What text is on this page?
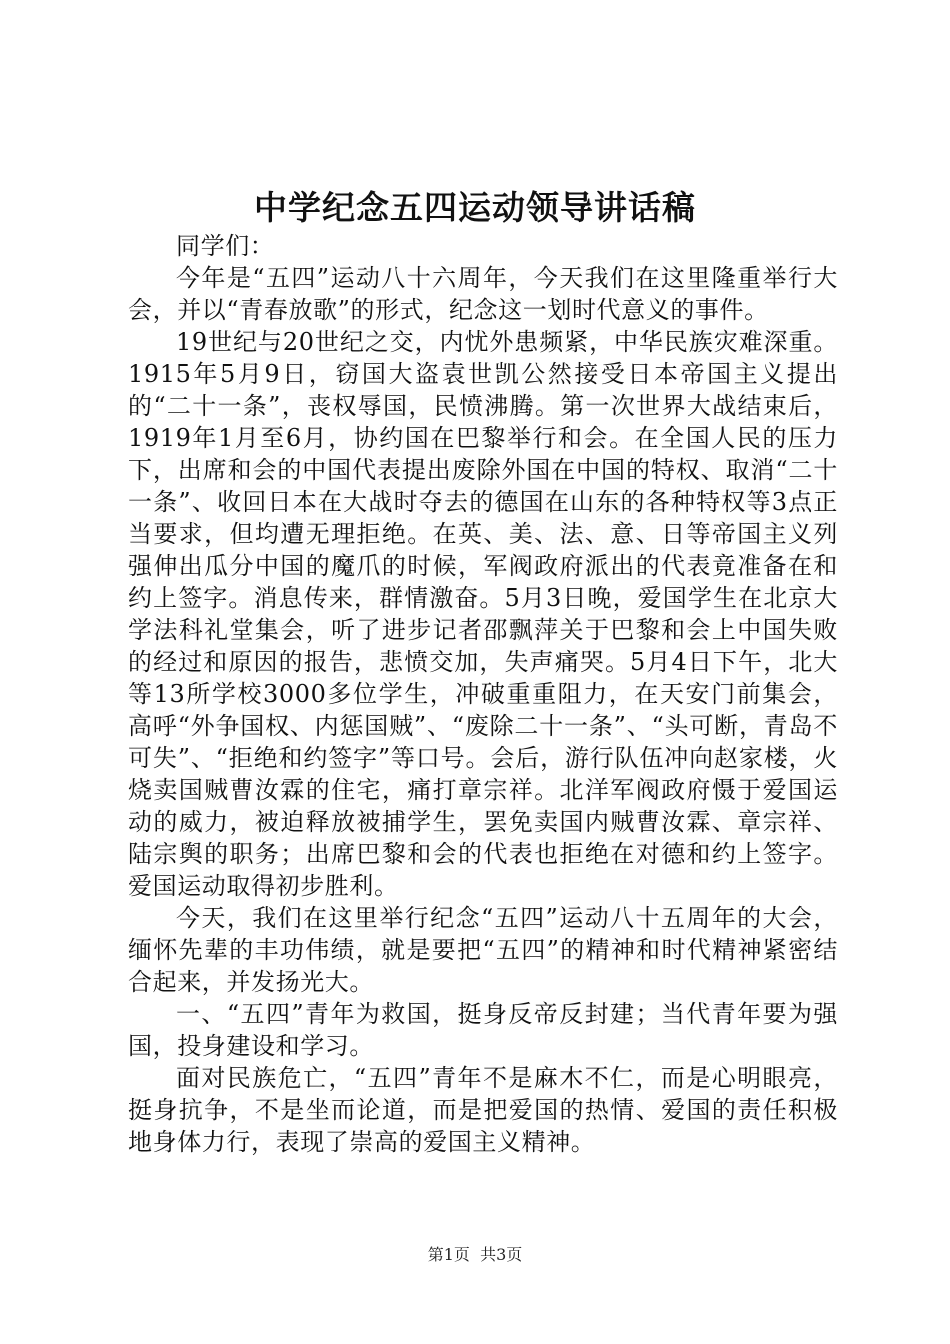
中学纪念五四运动领导讲话稿

同学们：

今年是“五四”运动八十六周年，今天我们在这里隆重举行大会，并以“青春放歌”的形式，纪念这一划时代意义的事件。

19世纪与20世纪之交，内忧外患频紧，中华民族灾难深重。1915年5月9日，窃国大盗袁世凯公然接受日本帝国主义提出的“二十一条”，丧权辱国，民愤沸腾。第一次世界大战结束后，1919年1月至6月，协约国在巴黎举行和会。在全国人民的压力下，出席和会的中国代表提出废除外国在中国的特权、取消“二十一条”、收回日本在大战时夺去的德国在山东的各种特权等3点正当要求，但均遭无理拒绝。在英、美、法、意、日等帝国主义列强伸出瓜分中国的魔爪的时候，军阀政府派出的代表竟准备在和约上签字。消息传来，群情激奋。5月3日晚，爱国学生在北京大学法科礼堂集会，听了进步记者邵飘萍关于巴黎和会上中国失败的经过和原因的报告，悲愤交加，失声痛哭。5月4日下午，北大等13所学校3000多位学生，冲破重重阻力，在天安门前集会，高呼“外争国权、内惩国贼”、“废除二十一条”、“头可断，青岛不可失”、“拒绝和约签字”等口号。会后，游行队伍冲向赵家楼，火烧卖国贼曹汝霖的住宅，痛打章宗祥。北洋军阀政府慑于爱国运动的威力，被迫释放被捕学生，罢免卖国内贼曹汝霖、章宗祥、陆宗舆的职务；出席巴黎和会的代表也拒绝在对德和约上签字。爱国运动取得初步胜利。

今天，我们在这里举行纪念“五四”运动八十五周年的大会，缅怀先辈的丰功伟绩，就是要把“五四”的精神和时代精神紧密结合起来，并发扬光大。

一、“五四”青年为救国，挺身反帝反封建；当代青年要为强国，投身建设和学习。

面对民族危亡，“五四”青年不是麻木不仁，而是心明眼亮，挺身抗争，不是坐而论道，而是把爱国的热情、爱国的责任积极地身体力行，表现了崇高的爱国主义精神。

第1页  共3页
